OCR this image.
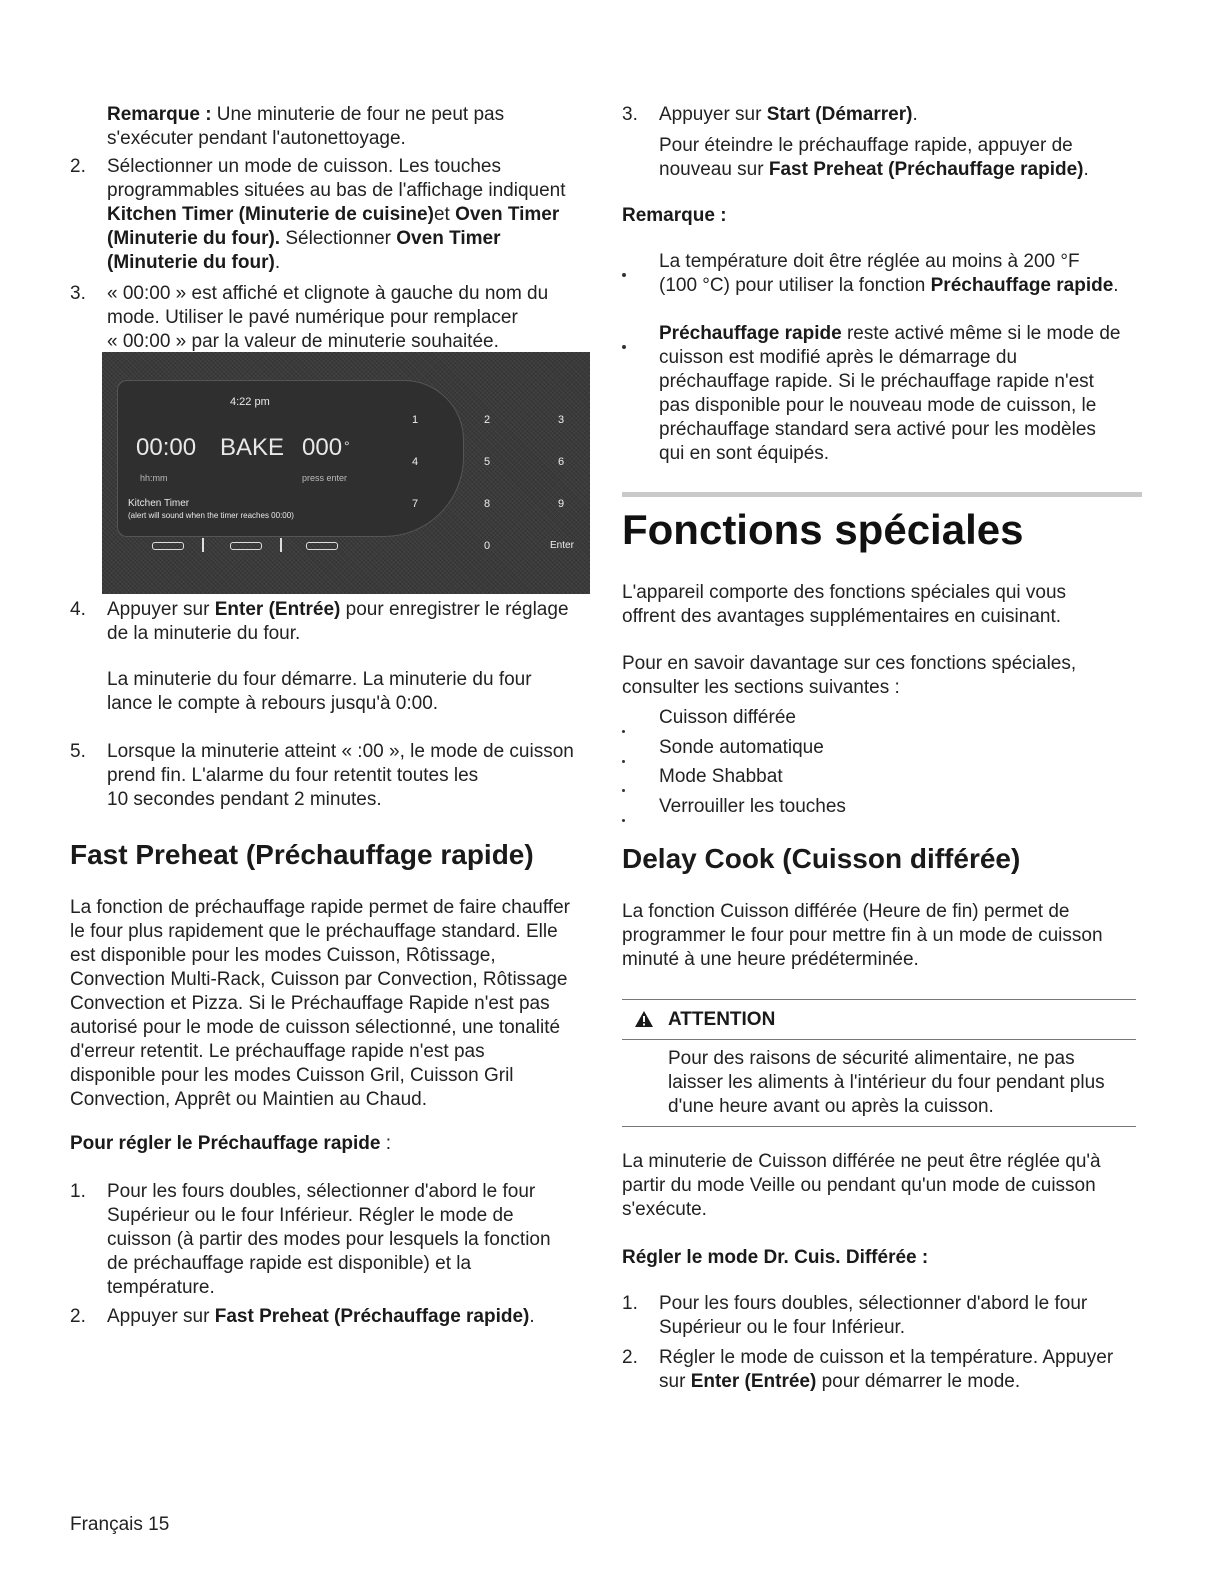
Remarque : Une minuterie de four ne peut pas

s'exécuter pendant l'autonettoyage.

2.	Sélectionner un mode de cuisson. Les touches

programmables situées au bas de l'affichage indiquent

Kitchen Timer (Minuterie de cuisine)et Oven Timer

(Minuterie du four). Sélectionner Oven Timer

(Minuterie du four).

3.	« 00:00 » est affiché et clignote à gauche du nom du

mode. Utiliser le pavé numérique pour remplacer

« 00:00 » par la valeur de minuterie souhaitée.

4:22 pm
00:00 BAKE 000 °
hh:mm	press enter
Kitchen Timer
(alert will sound when the timer reaches 00:00)
1	2	3
4	5	6
7	8	9
0	Enter
4.	Appuyer sur Enter (Entrée) pour enregistrer le réglage

de la minuterie du four.

La minuterie du four démarre. La minuterie du four

lance le compte à rebours jusqu'à 0:00.

5.	Lorsque la minuterie atteint « :00 », le mode de cuisson

prend fin. L'alarme du four retentit toutes les

10 secondes pendant 2 minutes.

Fast Preheat (Préchauffage rapide)

La fonction de préchauffage rapide permet de faire chauffer

le four plus rapidement que le préchauffage standard. Elle

est disponible pour les modes Cuisson, Rôtissage,

Convection Multi-Rack, Cuisson par Convection, Rôtissage

Convection et Pizza. Si le Préchauffage Rapide n'est pas

autorisé pour le mode de cuisson sélectionné, une tonalité

d'erreur retentit. Le préchauffage rapide n'est pas

disponible pour les modes Cuisson Gril, Cuisson Gril

Convection, Apprêt ou Maintien au Chaud.

Pour régler le Préchauffage rapide :

1.	Pour les fours doubles, sélectionner d'abord le four

Supérieur ou le four Inférieur. Régler le mode de

cuisson (à partir des modes pour lesquels la fonction

de préchauffage rapide est disponible) et la

température.

2.	Appuyer sur Fast Preheat (Préchauffage rapide).

3.	Appuyer sur Start (Démarrer).

Pour éteindre le préchauffage rapide, appuyer de

nouveau sur Fast Preheat (Préchauffage rapide).

Remarque :

La température doit être réglée au moins à 200 °F

(100 °C) pour utiliser la fonction Préchauffage rapide.

Préchauffage rapide reste activé même si le mode de

cuisson est modifié après le démarrage du

préchauffage rapide. Si le préchauffage rapide n'est

pas disponible pour le nouveau mode de cuisson, le

préchauffage standard sera activé pour les modèles

qui en sont équipés.

Fonctions spéciales

L'appareil comporte des fonctions spéciales qui vous

offrent des avantages supplémentaires en cuisinant.

Pour en savoir davantage sur ces fonctions spéciales,

consulter les sections suivantes :

Cuisson différée

Sonde automatique

Mode Shabbat

Verrouiller les touches

Delay Cook (Cuisson différée)

La fonction Cuisson différée (Heure de fin) permet de

programmer le four pour mettre fin à un mode de cuisson

minuté à une heure prédéterminée.

ATTENTION

Pour des raisons de sécurité alimentaire, ne pas

laisser les aliments à l'intérieur du four pendant plus

d'une heure avant ou après la cuisson.

La minuterie de Cuisson différée ne peut être réglée qu'à

partir du mode Veille ou pendant qu'un mode de cuisson

s'exécute.

Régler le mode Dr. Cuis. Différée :

1.	Pour les fours doubles, sélectionner d'abord le four

Supérieur ou le four Inférieur.

2.	Régler le mode de cuisson et la température. Appuyer

sur Enter (Entrée) pour démarrer le mode.

Français 15
